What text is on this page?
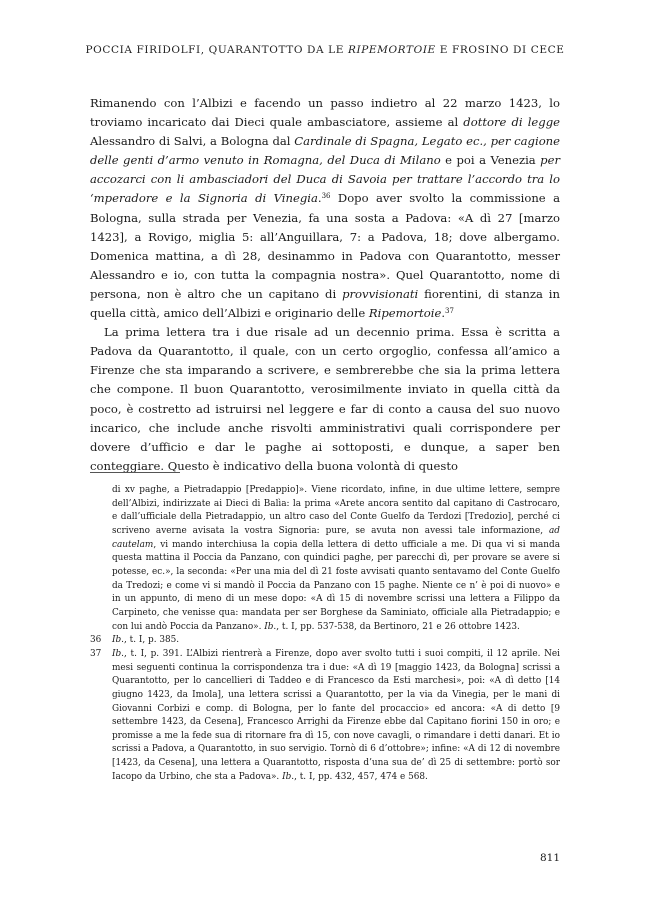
POCCIA FIRIDOLFI, QUARANTOTTO DA LE RIPEMORTOIE E FROSINO DI CECE

Rimanendo con l’Albizi e facendo un passo indietro al 22 marzo 1423, lo troviamo incaricato dai Dieci quale ambasciatore, assieme al dottore di legge Alessandro di Salvi, a Bologna dal Cardinale di Spagna, Legato ec., per cagione delle genti d’armo venuto in Romagna, del Duca di Milano e poi a Venezia per accozarci con li ambasciadori del Duca di Savoia per trattare l’accordo tra lo ‘mperadore e la Signoria di Vinegia.$^{36}$ Dopo aver svolto la commissione a Bologna, sulla strada per Venezia, fa una sosta a Padova: «A dì 27 [marzo 1423], a Rovigo, miglia 5: all’Anguillara, 7: a Padova, 18; dove albergamo. Domenica mattina, a dì 28, desinammo in Padova con Quarantotto, messer Alessandro e io, con tutta la compagnia nostra». Quel Quarantotto, nome di persona, non è altro che un capitano di provvisionati fiorentini, di stanza in quella città, amico dell’Albizi e originario delle Ripemortoie.$^{37}$

La prima lettera tra i due risale ad un decennio prima. Essa è scritta a Padova da Quarantotto, il quale, con un certo orgoglio, confessa all’amico a Firenze che sta imparando a scrivere, e sembrerebbe che sia la prima lettera che compone. Il buon Quarantotto, verosimilmente inviato in quella città da poco, è costretto ad istruirsi nel leggere e far di conto a causa del suo nuovo incarico, che include anche risvolti amministrativi quali corrispondere per dovere d’ufficio e dar le paghe ai sottoposti, e dunque, a saper ben conteggiare. Questo è indicativo della buona volontà di questo

di xv paghe, a Pietradappio [Predappio]». Viene ricordato, infine, in due ultime lettere, sempre dell’Albizi, indirizzate ai Dieci di Balìa: la prima «Arete ancora sentito dal capitano di Castrocaro, e dall’ufficiale della Pietradappio, un altro caso del Conte Guelfo da Terdozi [Tredozio], perché ci scriveno averne avisata la vostra Signoria: pure, se avuta non avessi tale informazione, ad cautelam, vi mando interchiusa la copia della lettera di detto ufficiale a me. Di qua vi si manda questa mattina il Poccia da Panzano, con quindici paghe, per parecchi dì, per provare se avere si potesse, ec.», la seconda: «Per una mia del dì 21 foste avvisati quanto sentavamo del Conte Guelfo da Tredozi; e come vi si mandò il Poccia da Panzano con 15 paghe. Niente ce n’ è poi di nuovo» e in un appunto, di meno di un mese dopo: «A dì 15 di novembre scrissi una lettera a Filippo da Carpineto, che venisse qua: mandata per ser Borghese da Saminiato, officiale alla Pietradappio; e con lui andò Poccia da Panzano». Ib., t. I, pp. 537-538, da Bertinoro, 21 e 26 ottobre 1423.
36	Ib., t. I, p. 385.
37	Ib., t. I, p. 391. L’Albizi rientrerà a Firenze, dopo aver svolto tutti i suoi compiti, il 12 aprile. Nei mesi seguenti continua la corrispondenza tra i due: «A dì 19 [maggio 1423, da Bologna] scrissi a Quarantotto, per lo cancellieri di Taddeo e di Francesco da Esti marchesi», poi: «A dì detto [14 giugno 1423, da Imola], una lettera scrissi a Quarantotto, per la via da Vinegia, per le mani di Giovanni Corbizi e comp. di Bologna, per lo fante del procaccio» ed ancora: «A di detto [9 settembre 1423, da Cesena], Francesco Arrighi da Firenze ebbe dal Capitano fiorini 150 in oro; e promisse a me la fede sua di ritornare fra dì 15, con nove cavagli, o rimandare i detti danari. Et io scrissi a Padova, a Quarantotto, in suo servigio. Tornò di 6 d’ottobre»; infine: «A di 12 di novembre [1423, da Cesena], una lettera a Quarantotto, risposta d’una sua de’ dì 25 di settembre: portò sor Iacopo da Urbino, che sta a Padova». Ib., t. I, pp. 432, 457, 474 e 568.
811
